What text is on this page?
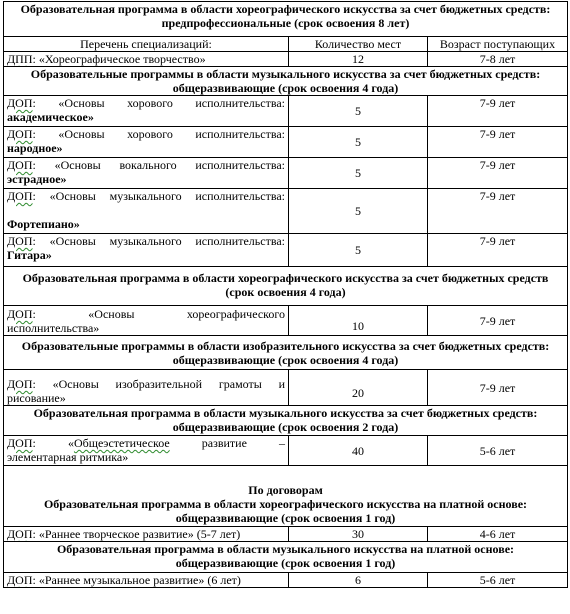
Образовательная программа в области хореографического искусства за счет бюджетных средств: предпрофессиональные (срок освоения 8 лет)		
Перечень специализаций:	Количество мест	Возраст поступающих
ДПП: «Хореографическое творчество»	12	7-8 лет
Образовательные программы в области музыкального искусства за счет бюджетных средств: общеразвивающие (срок освоения 4 года)		

ДОП: «Основы хорового исполнительства:
академическое»	5	7-9 лет

ДОП: «Основы хорового исполнительства:
народное»	5	7-9 лет

ДОП: «Основы вокального исполнительства:
эстрадное»	5	7-9 лет

ДОП: «Основы музыкального исполнительства:
Фортепиано»	5	7-9 лет

ДОП: «Основы музыкального исполнительства:
Гитара»	5	7-9 лет
Образовательная программа в области хореографического искусства за счет бюджетных средств (срок освоения 4 года)		

ДОП: «Основы хореографического
исполнительства»	10	7-9 лет
Образовательные программы в области изобразительного искусства за счет бюджетных средств: общеразвивающие (срок освоения 4 года)		

ДОП: «Основы изобразительной грамоты и
рисование»	20	7-9 лет
Образовательная программа в области музыкального искусства за счет бюджетных средств: общеразвивающие (срок освоения 2 года)		

ДОП: «Общеэстетическое развитие –
элементарная ритмика»	40	5-6 лет

По договорам
Образовательная программа в области хореографического искусства на платной основе: общеразвивающие (срок освоения 1 год)		

ДОП: «Раннее творческое развитие» (5-7 лет)	30	4-6 лет
Образовательная программа в области музыкального искусства на платной основе: общеразвивающие (срок освоения 1 год)		
ДОП: «Раннее музыкальное развитие» (6 лет)	6	5-6 лет
